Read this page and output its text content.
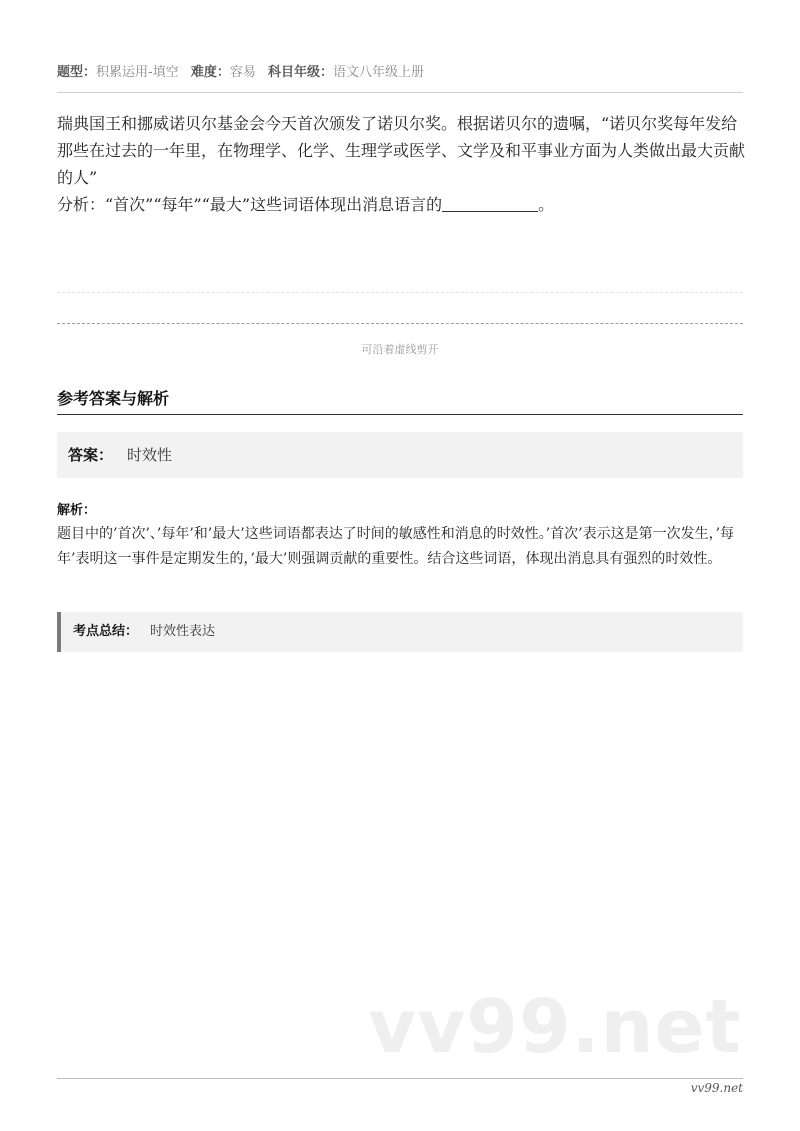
题型：积累运用-填空 难度：容易 科目年级：语文八年级上册

瑞典国王和挪威诺贝尔基金会今天首次颁发了诺贝尔奖。根据诺贝尔的遗嘱，“诺贝尔奖每年发给那些在过去的一年里，在物理学、化学、生理学或医学、文学及和平事业方面为人类做出最大贡献的人”

分析：“首次”“每年”“最大”这些词语体现出消息语言的	。

可沿着虚线剪开
参考答案与解析
答案： 时效性
解析：
题目中的’首次’、’每年’和’最大’这些词语都表达了时间的敏感性和消息的时效性。’首次’表示这是第一次发生，’每年’表明这一事件是定期发生的，’最大’则强调贡献的重要性。结合这些词语，体现出消息具有强烈的时效性。
考点总结： 时效性表达
vv99.net
vv99.net
